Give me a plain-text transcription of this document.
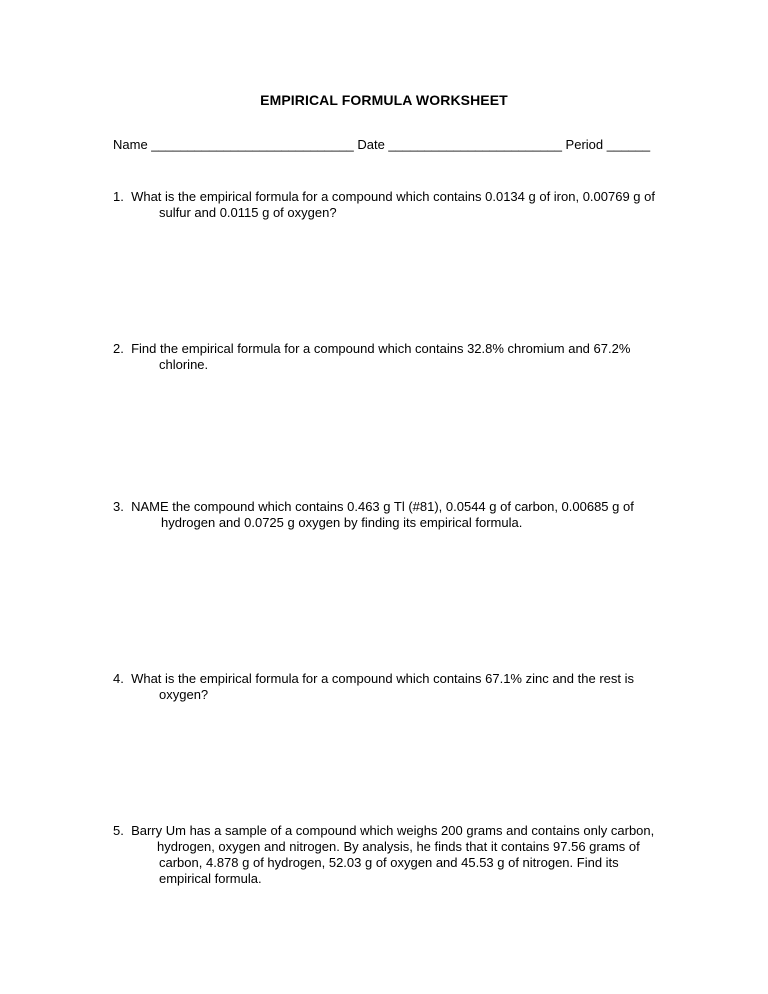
EMPIRICAL FORMULA WORKSHEET
Name ____________________________ Date ________________________ Period ______
1. What is the empirical formula for a compound which contains 0.0134 g of iron, 0.00769 g of
sulfur and 0.0115 g of oxygen?
2. Find the empirical formula for a compound which contains 32.8% chromium and 67.2%
chlorine.
3. NAME the compound which contains 0.463 g Tl (#81), 0.0544 g of carbon, 0.00685 g of
hydrogen and 0.0725 g oxygen by finding its empirical formula.
4. What is the empirical formula for a compound which contains 67.1% zinc and the rest is
oxygen?
5. Barry Um has a sample of a compound which weighs 200 grams and contains only carbon,
hydrogen, oxygen and nitrogen. By analysis, he finds that it contains 97.56 grams of
carbon, 4.878 g of hydrogen, 52.03 g of oxygen and 45.53 g of nitrogen. Find its
empirical formula.
